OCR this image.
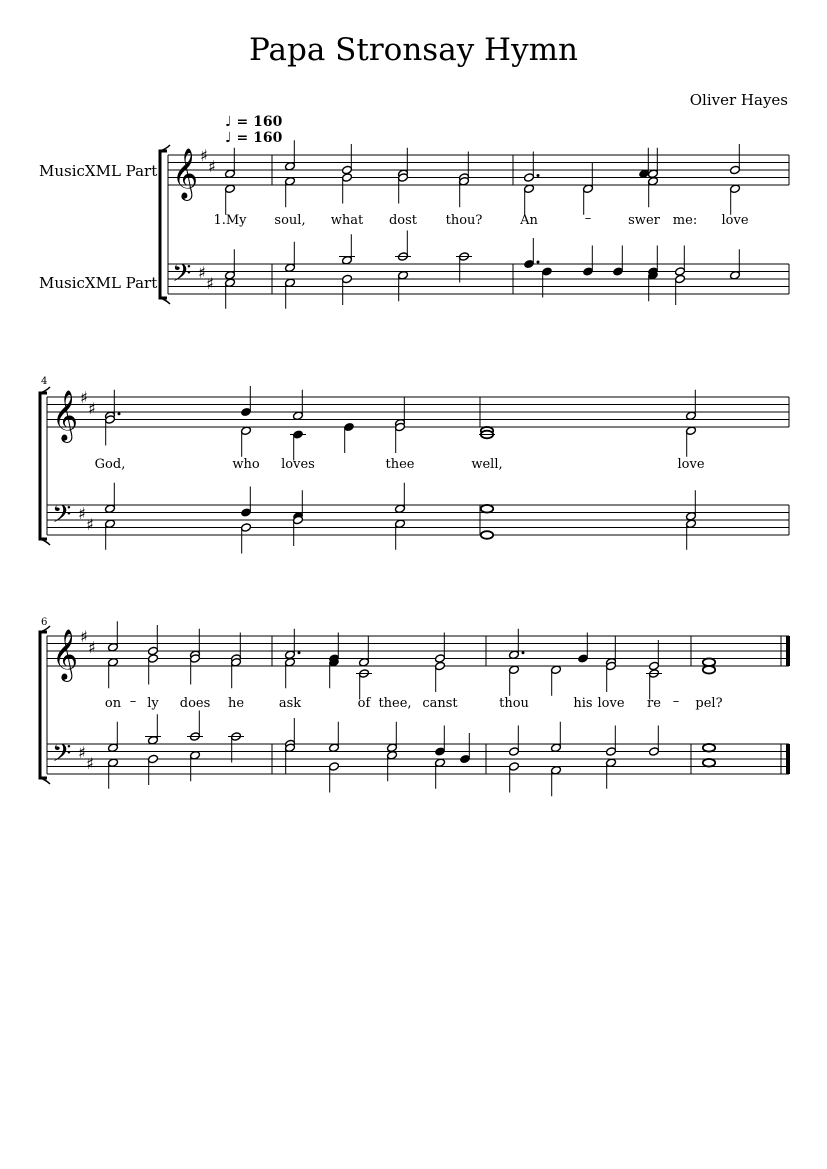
Papa Stronsay Hymn
Oliver Hayes
♩ = 160
♩ = 160
MusicXML Part
MusicXML Part
4
6
1.My soul, what dost thou?	An	–	swer me: love
God,	who loves	thee	well,	love
on – ly does he	ask	of thee, canst	thou	his love re – pel?
𝄞 ♯
♯
𝄢 ♯
♯
𝄞 ♯
♯
𝄢 ♯
♯
𝄞 ♯
♯
𝄢 ♯
♯
